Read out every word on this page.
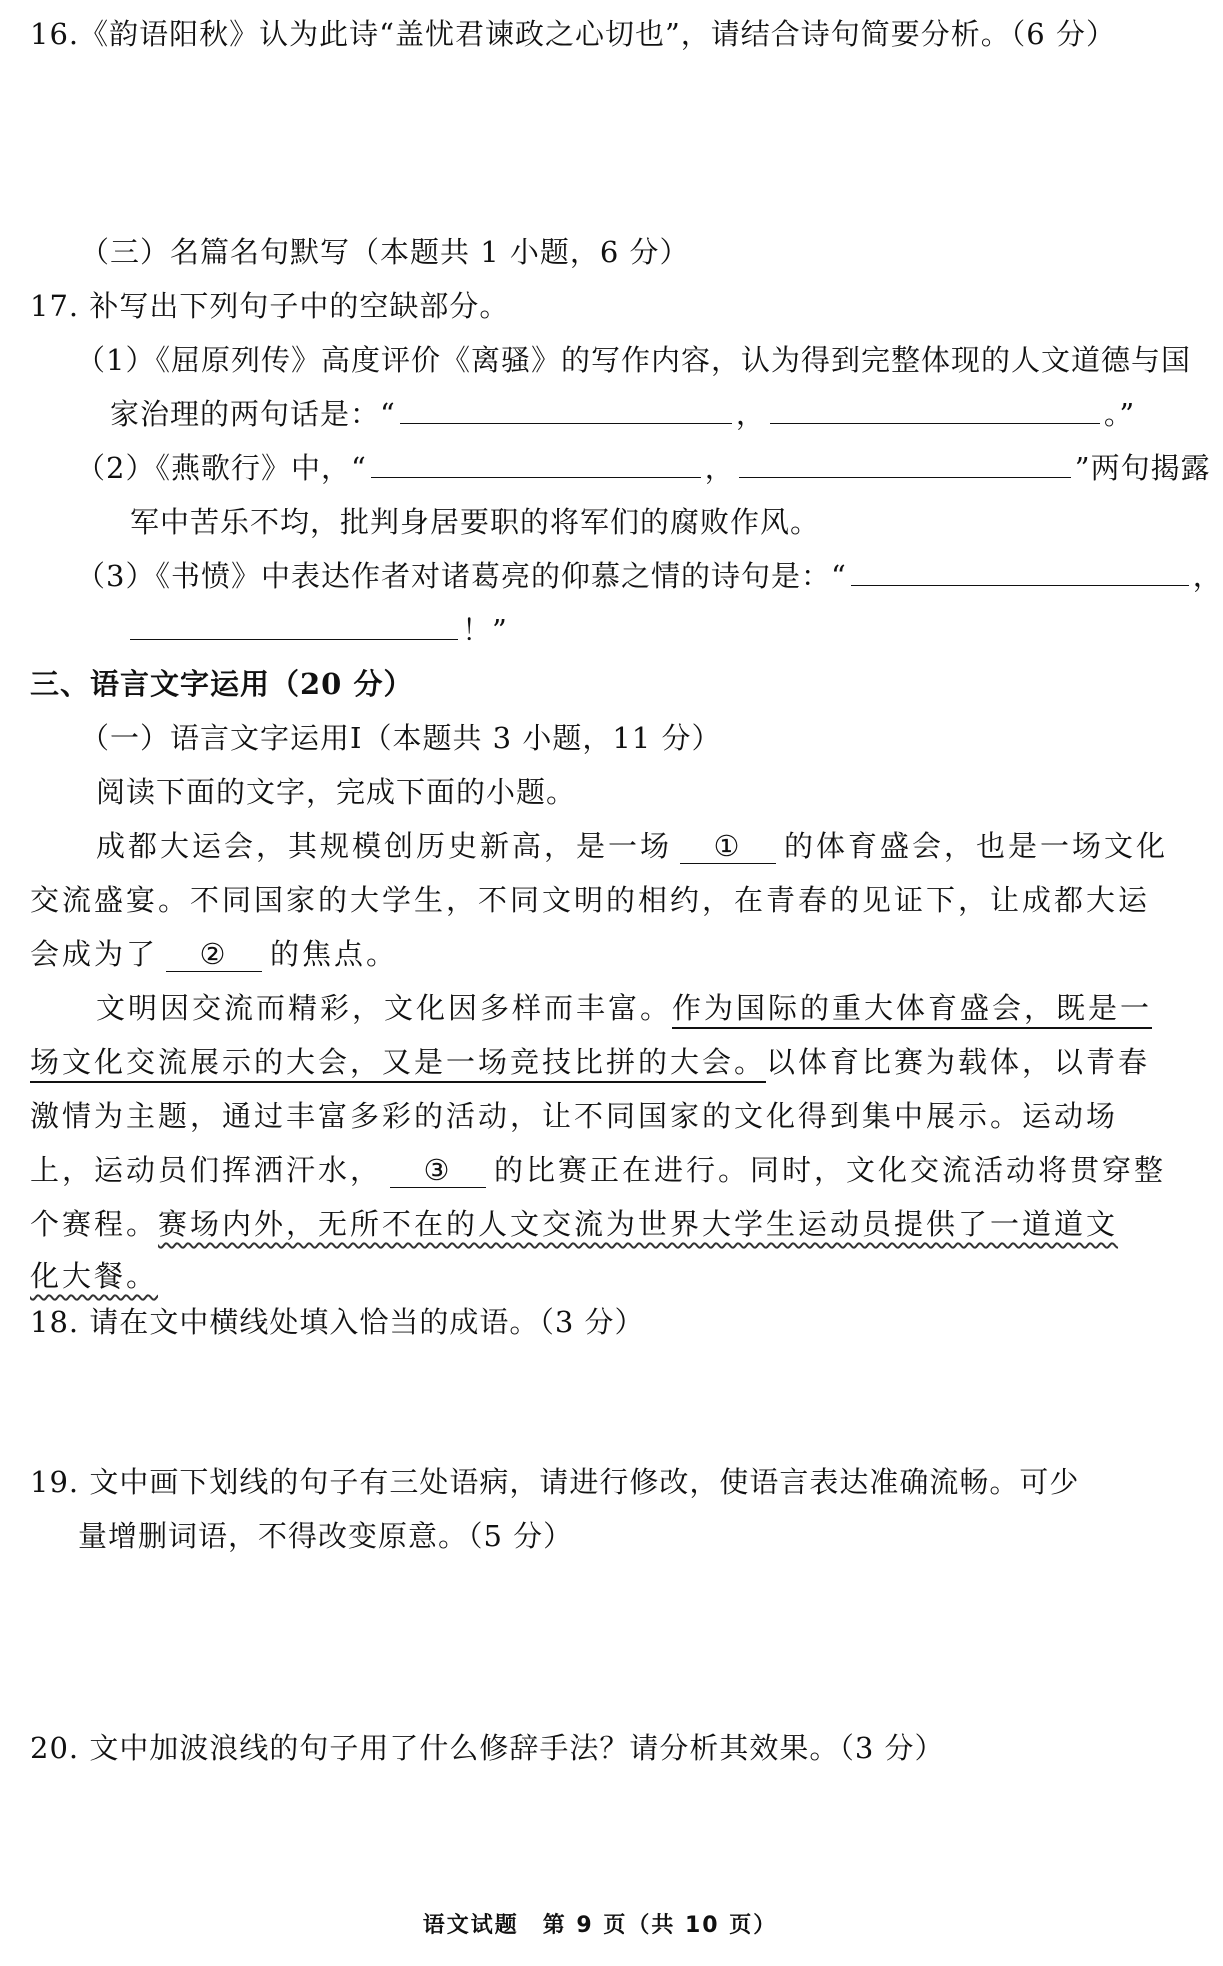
16.《韵语阳秋》认为此诗“盖忧君谏政之心切也”，请结合诗句简要分析。（6 分）
（三）名篇名句默写（本题共 1 小题，6 分）
17. 补写出下列句子中的空缺部分。
（1）《屈原列传》高度评价《离骚》的写作内容，认为得到完整体现的人文道德与国
家治理的两句话是：“	，	。”
（2）《燕歌行》中，“	，	”两句揭露
军中苦乐不均，批判身居要职的将军们的腐败作风。
（3）《书愤》中表达作者对诸葛亮的仰慕之情的诗句是：“	，
！”
三、语言文字运用（20 分）
（一）语言文字运用Ⅰ（本题共 3 小题，11 分）
阅读下面的文字，完成下面的小题。
成都大运会，其规模创历史新高，是一场 ① 的体育盛会，也是一场文化
交流盛宴。不同国家的大学生，不同文明的相约，在青春的见证下，让成都大运
会成为了 ② 的焦点。
文明因交流而精彩，文化因多样而丰富。作为国际的重大体育盛会，既是一
场文化交流展示的大会，又是一场竞技比拼的大会。以体育比赛为载体，以青春
激情为主题，通过丰富多彩的活动，让不同国家的文化得到集中展示。运动场
上，运动员们挥洒汗水， ③ 的比赛正在进行。同时，文化交流活动将贯穿整
个赛程。赛场内外，无所不在的人文交流为世界大学生运动员提供了一道道文
化大餐。
18. 请在文中横线处填入恰当的成语。（3 分）
19. 文中画下划线的句子有三处语病，请进行修改，使语言表达准确流畅。可少
量增删词语，不得改变原意。（5 分）
20. 文中加波浪线的句子用了什么修辞手法？请分析其效果。（3 分）
语文试题　第 9 页（共 10 页）
